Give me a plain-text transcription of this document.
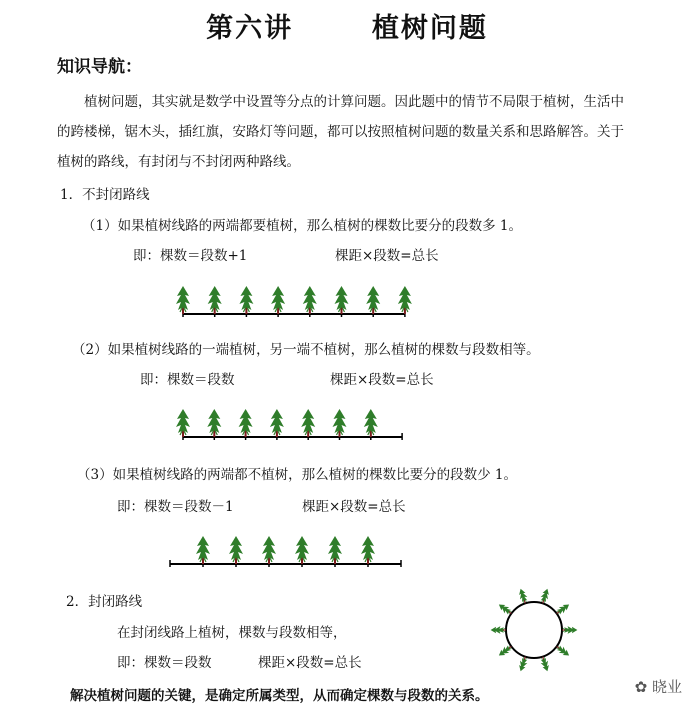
第六讲	植树问题
知识导航：
植树问题，其实就是数学中设置等分点的计算问题。因此题中的情节不局限于植树，生活中
的跨楼梯，锯木头，插红旗，安路灯等问题，都可以按照植树问题的数量关系和思路解答。关于
植树的路线，有封闭与不封闭两种路线。
1．不封闭路线
（1）如果植树线路的两端都要植树，那么植树的棵数比要分的段数多 1。
即：棵数＝段数+1	棵距×段数=总长
（2）如果植树线路的一端植树，另一端不植树，那么植树的棵数与段数相等。
即：棵数＝段数	棵距×段数=总长
（3）如果植树线路的两端都不植树，那么植树的棵数比要分的段数少 1。
即：棵数＝段数－1	棵距×段数=总长
2．封闭路线
在封闭线路上植树，棵数与段数相等，
即：棵数＝段数	棵距×段数=总长
解决植树问题的关键，是确定所属类型，从而确定棵数与段数的关系。	✿ 晓业
